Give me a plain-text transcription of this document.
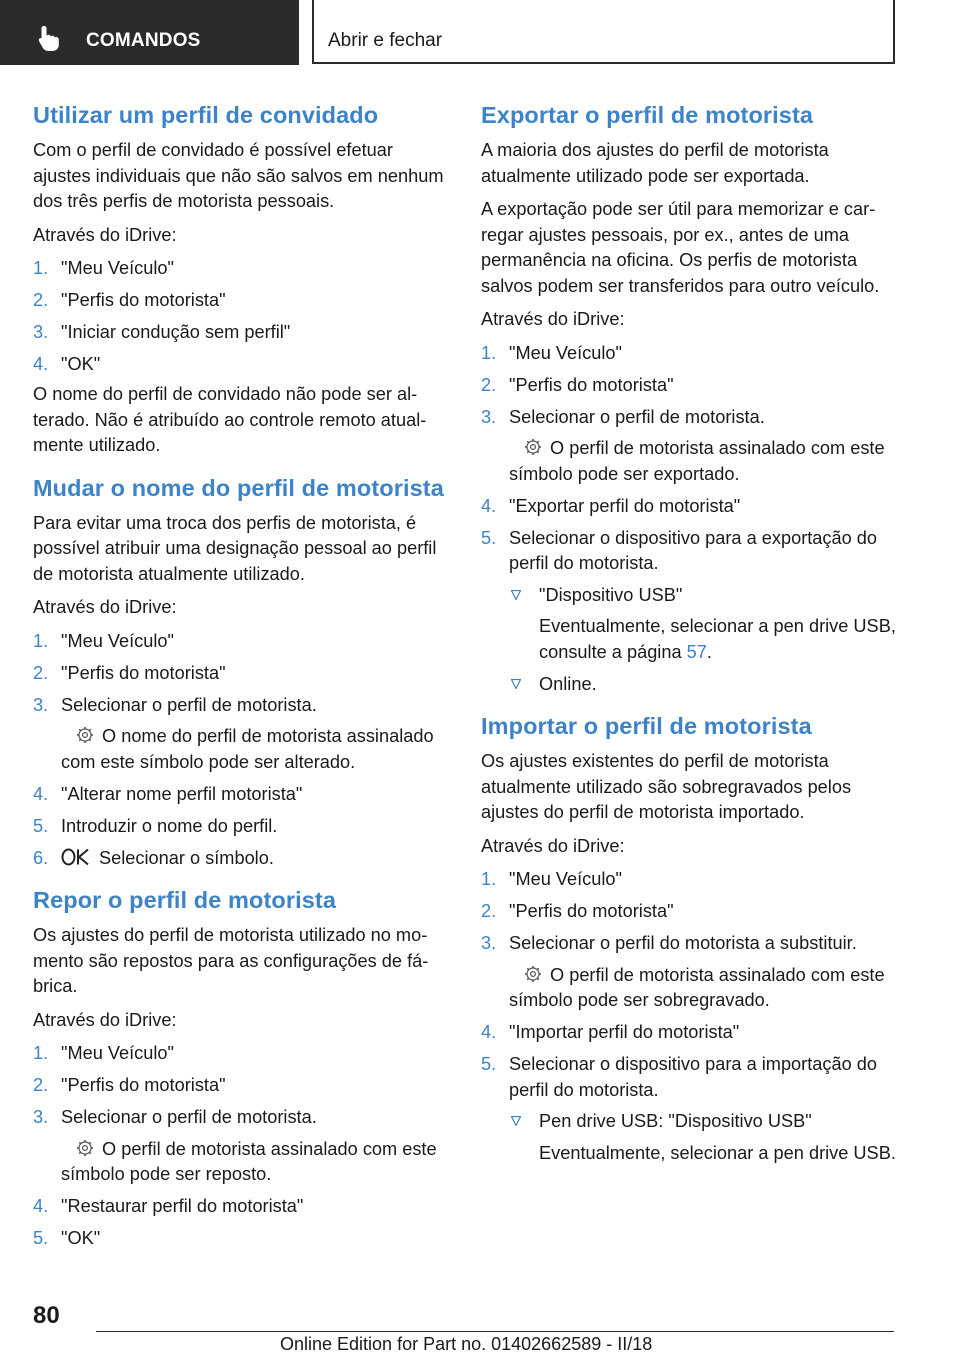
COMANDOS	Abrir e fechar
Utilizar um perfil de convidado

Com o perfil de convidado é possível efetuar ajustes individuais que não são salvos em nenhum dos três perfis de motorista pessoais.

Através do iDrive:

1. "Meu Veículo"
2. "Perfis do motorista"
3. "Iniciar condução sem perfil"
4. "OK"

O nome do perfil de convidado não pode ser alterado. Não é atribuído ao controle remoto atualmente utilizado.

Mudar o nome do perfil de motorista

Para evitar uma troca dos perfis de motorista, é possível atribuir uma designação pessoal ao perfil de motorista atualmente utilizado.

Através do iDrive:

1. "Meu Veículo"
2. "Perfis do motorista"
3. Selecionar o perfil de motorista.
O nome do perfil de motorista assinalado com este símbolo pode ser alterado.
4. "Alterar nome perfil motorista"
5. Introduzir o nome do perfil.
6.	Selecionar o símbolo.
Repor o perfil de motorista

Os ajustes do perfil de motorista utilizado no momento são repostos para as configurações de fábrica.

Através do iDrive:

1. "Meu Veículo"
2. "Perfis do motorista"
3. Selecionar o perfil de motorista.
O perfil de motorista assinalado com este símbolo pode ser reposto.
4. "Restaurar perfil do motorista"
5. "OK"
Exportar o perfil de motorista

A maioria dos ajustes do perfil de motorista atualmente utilizado pode ser exportada.

A exportação pode ser útil para memorizar e carregar ajustes pessoais, por ex., antes de uma permanência na oficina. Os perfis de motorista salvos podem ser transferidos para outro veículo.

Através do iDrive:

1. "Meu Veículo"
2. "Perfis do motorista"
3. Selecionar o perfil de motorista.
O perfil de motorista assinalado com este símbolo pode ser exportado.
4. "Exportar perfil do motorista"
5. Selecionar o dispositivo para a exportação do perfil do motorista.
"Dispositivo USB"
Eventualmente, selecionar a pen drive USB, consulte a página 57.
Online.
Importar o perfil de motorista

Os ajustes existentes do perfil de motorista atualmente utilizado são sobregravados pelos ajustes do perfil de motorista importado.

Através do iDrive:

1. "Meu Veículo"
2. "Perfis do motorista"
3. Selecionar o perfil do motorista a substituir.
O perfil de motorista assinalado com este símbolo pode ser sobregravado.
4. "Importar perfil do motorista"
5. Selecionar o dispositivo para a importação do perfil do motorista.
Pen drive USB: "Dispositivo USB"
Eventualmente, selecionar a pen drive USB.
80
Online Edition for Part no. 01402662589 - II/18
